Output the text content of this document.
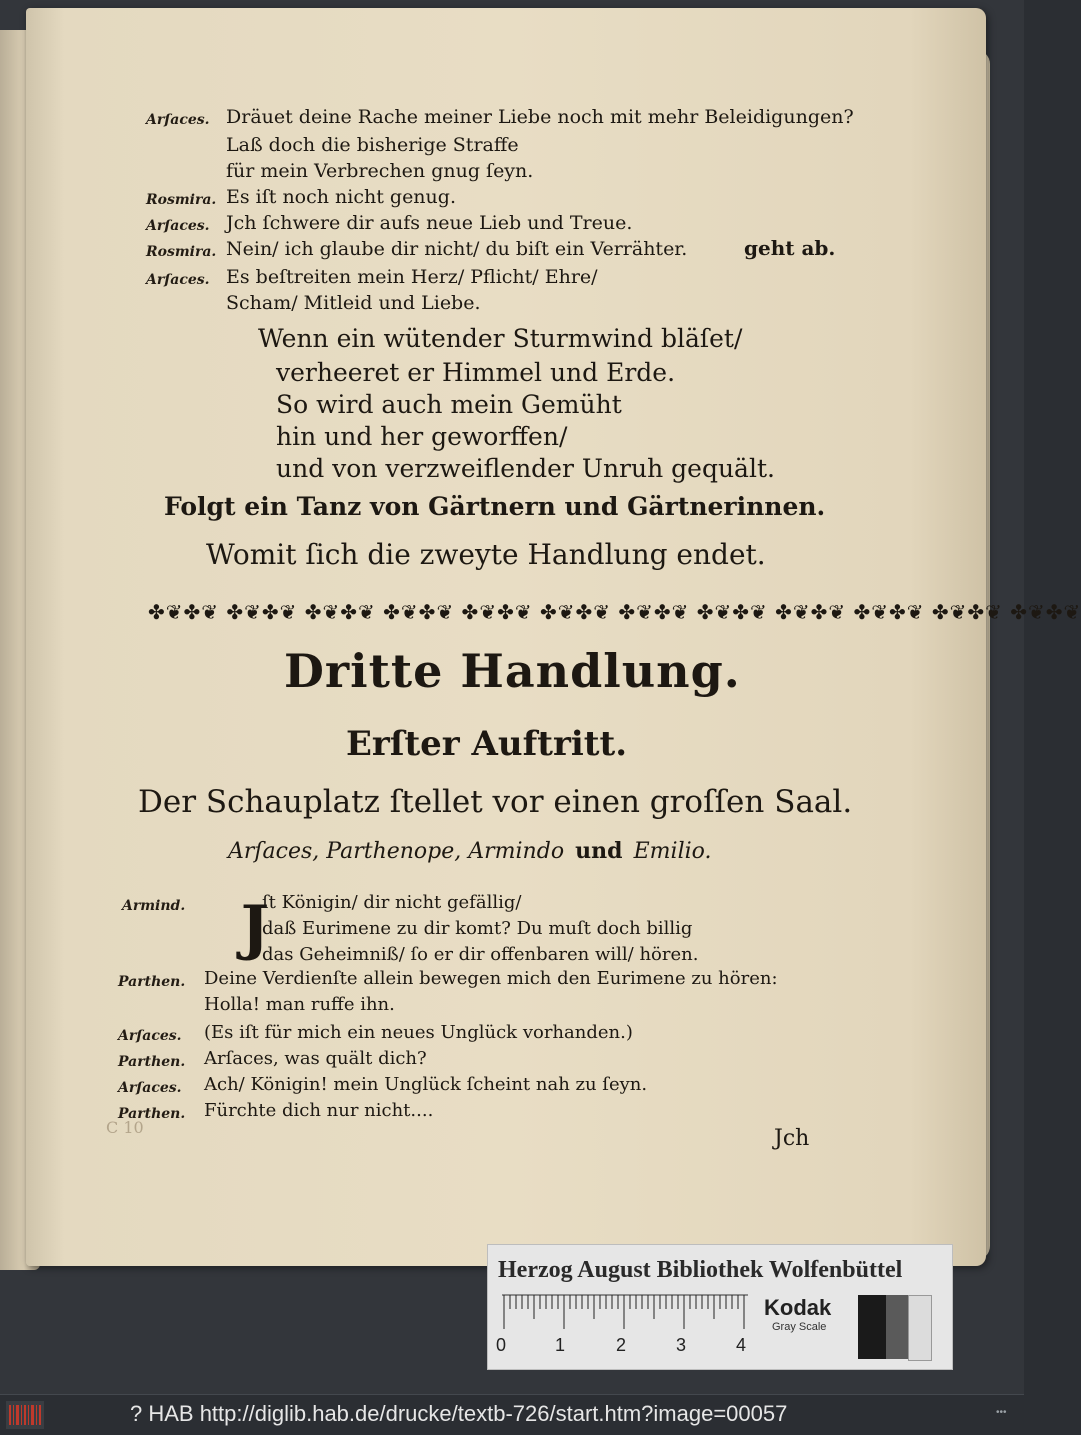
Arſaces. Dräuet deine Rache meiner Liebe noch mit mehr Beleidigungen?
Laß doch die bisherige Straffe
für mein Verbrechen gnug ſeyn.
Rosmira. Es iſt noch nicht genug.
Arſaces. Jch ſchwere dir aufs neue Lieb und Treue.
Rosmira. Nein/ ich glaube dir nicht/ du biſt ein Verrähter.	geht ab.
Arſaces. Es beſtreiten mein Herz/ Pflicht/ Ehre/
Scham/ Mitleid und Liebe.
Wenn ein wütender Sturmwind bläſet/
verheeret er Himmel und Erde.
So wird auch mein Gemüht
hin und her geworffen/
und von verzweiflender Unruh gequält.
Folgt ein Tanz von Gärtnern und Gärtnerinnen.
Womit ſich die zweyte Handlung endet.
✤❦✤❦ ✤❦✤❦ ✤❦✤❦ ✤❦✤❦ ✤❦✤❦ ✤❦✤❦ ✤❦✤❦ ✤❦✤❦ ✤❦✤❦ ✤❦✤❦ ✤❦✤❦ ✤❦✤❦
Dritte Handlung.
Erſter Auftritt.
Der Schauplatz ſtellet vor einen groſſen Saal.
Arſaces, Parthenope, Armindo und Emilio.
J
Armind.	ſt Königin/ dir nicht gefällig/
daß Eurimene zu dir komt? Du muſt doch billig
das Geheimniß/ ſo er dir offenbaren will/ hören.
Parthen. Deine Verdienſte allein bewegen mich den Eurimene zu hören:
Holla! man ruffe ihn.
Arſaces. (Es iſt für mich ein neues Unglück vorhanden.)
Parthen. Arſaces, was quält dich?
Arſaces. Ach/ Königin! mein Unglück ſcheint nah zu ſeyn.
Parthen. Fürchte dich nur nicht....
C 10	Jch
Herzog August Bibliothek Wolfenbüttel
0	1	2	3	4
Kodak
Gray Scale
? HAB http://diglib.hab.de/drucke/textb-726/start.htm?image=00057	•••
